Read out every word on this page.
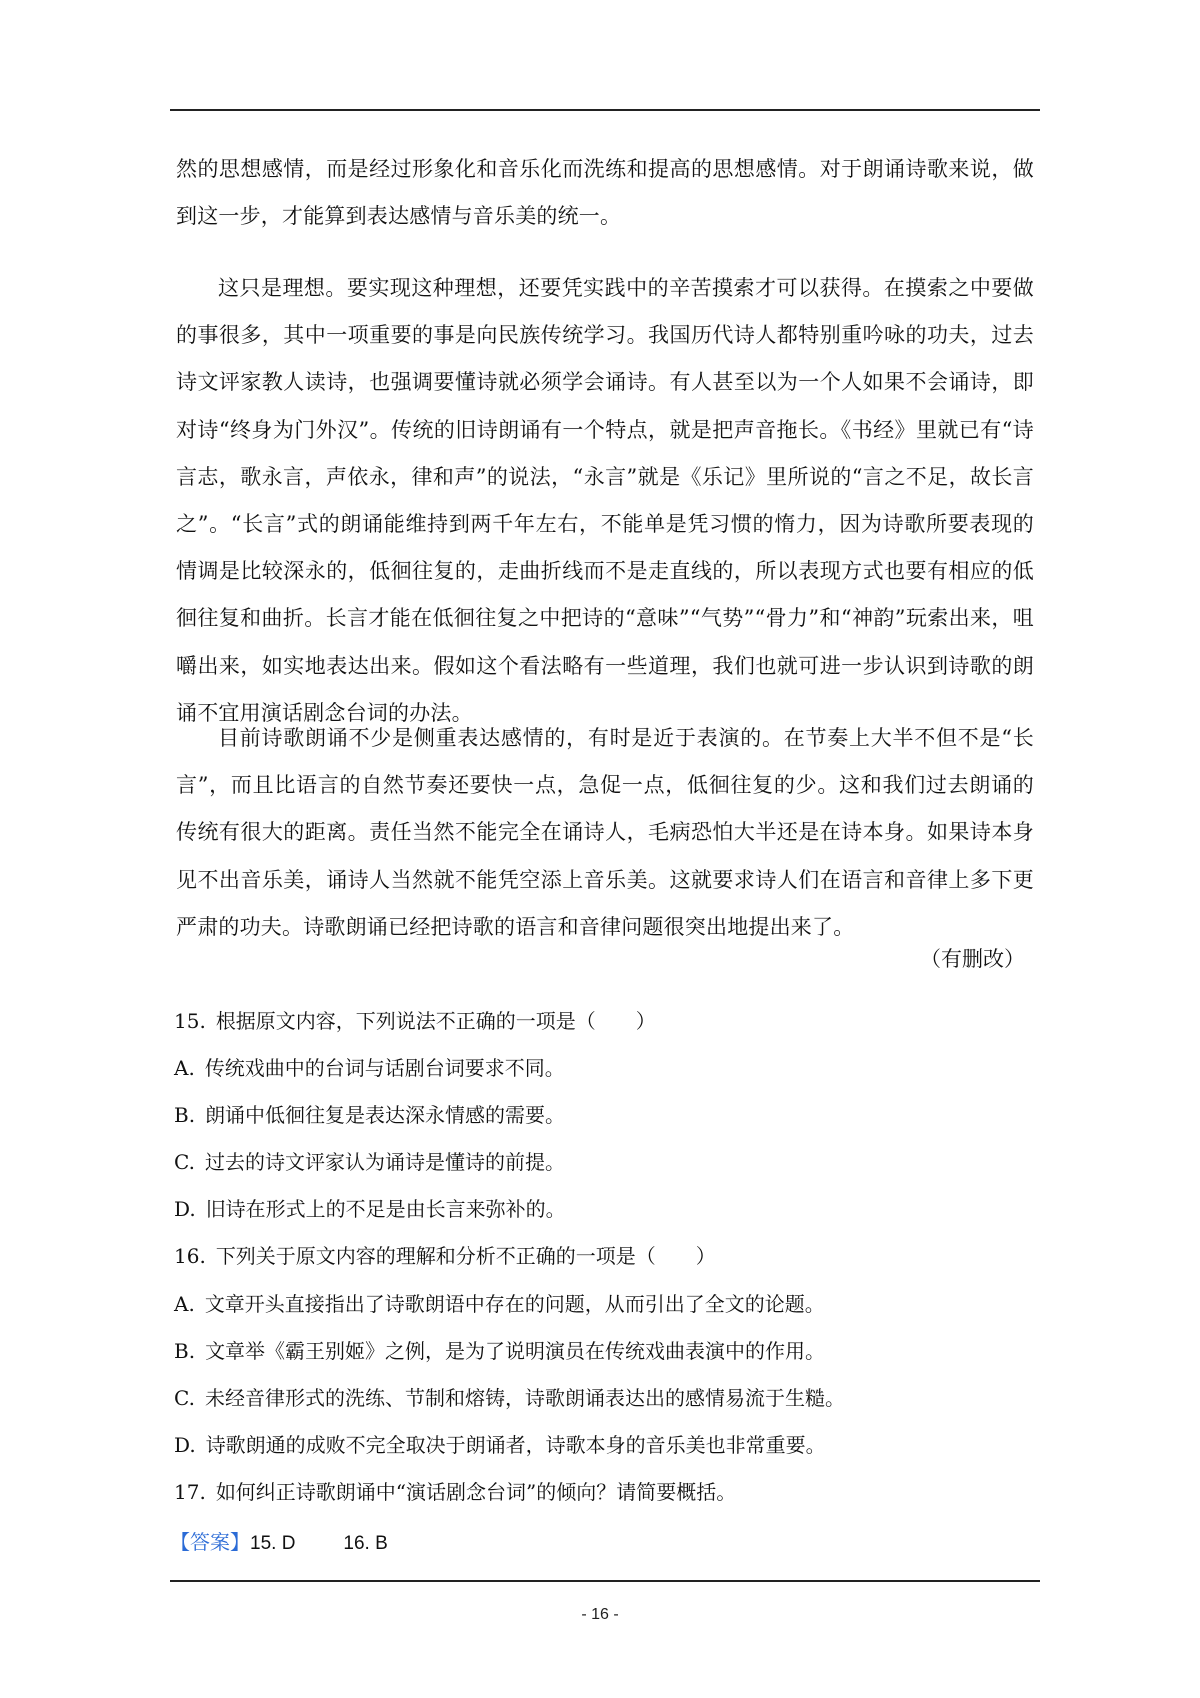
然的思想感情，而是经过形象化和音乐化而洗练和提高的思想感情。对于朗诵诗歌来说，做到这一步，才能算到表达感情与音乐美的统一。

这只是理想。要实现这种理想，还要凭实践中的辛苦摸索才可以获得。在摸索之中要做的事很多，其中一项重要的事是向民族传统学习。我国历代诗人都特别重吟咏的功夫，过去诗文评家教人读诗，也强调要懂诗就必须学会诵诗。有人甚至以为一个人如果不会诵诗，即对诗“终身为门外汉”。传统的旧诗朗诵有一个特点，就是把声音拖长。《书经》里就已有“诗言志，歌永言，声依永，律和声”的说法，“永言”就是《乐记》里所说的“言之不足，故长言之”。“长言”式的朗诵能维持到两千年左右，不能单是凭习惯的惰力，因为诗歌所要表现的情调是比较深永的，低徊往复的，走曲折线而不是走直线的，所以表现方式也要有相应的低徊往复和曲折。长言才能在低徊往复之中把诗的“意味”“气势”“骨力”和“神韵”玩索出来，咀嚼出来，如实地表达出来。假如这个看法略有一些道理，我们也就可进一步认识到诗歌的朗诵不宜用演话剧念台词的办法。

目前诗歌朗诵不少是侧重表达感情的，有时是近于表演的。在节奏上大半不但不是“长言”，而且比语言的自然节奏还要快一点，急促一点，低徊往复的少。这和我们过去朗诵的传统有很大的距离。责任当然不能完全在诵诗人，毛病恐怕大半还是在诗本身。如果诗本身见不出音乐美，诵诗人当然就不能凭空添上音乐美。这就要求诗人们在语言和音律上多下更严肃的功夫。诗歌朗诵已经把诗歌的语言和音律问题很突出地提出来了。

（有删改）
15. 根据原文内容，下列说法不正确的一项是（　　）
A. 传统戏曲中的台词与话剧台词要求不同。
B. 朗诵中低徊往复是表达深永情感的需要。
C. 过去的诗文评家认为诵诗是懂诗的前提。
D. 旧诗在形式上的不足是由长言来弥补的。
16. 下列关于原文内容的理解和分析不正确的一项是（　　）
A. 文章开头直接指出了诗歌朗语中存在的问题，从而引出了全文的论题。
B. 文章举《霸王别姬》之例，是为了说明演员在传统戏曲表演中的作用。
C. 未经音律形式的洗练、节制和熔铸，诗歌朗诵表达出的感情易流于生糙。
D. 诗歌朗通的成败不完全取决于朗诵者，诗歌本身的音乐美也非常重要。
17. 如何纠正诗歌朗诵中“演话剧念台词”的倾向？请简要概括。
【答案】15. D	16. B
- 16 -
